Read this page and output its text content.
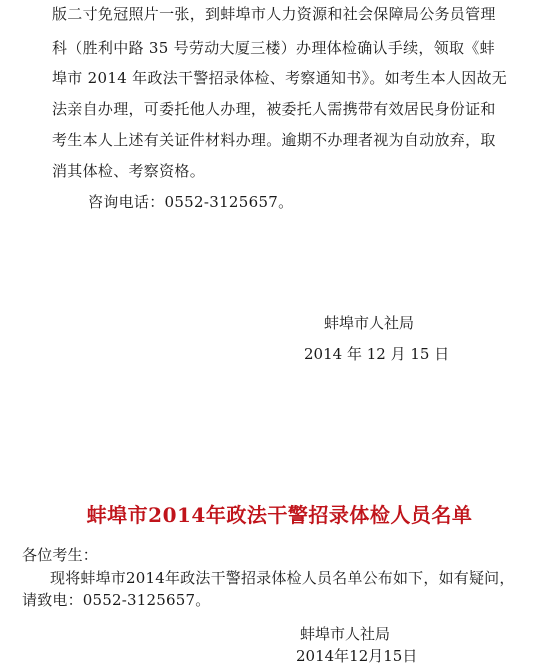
版二寸免冠照片一张，到蚌埠市人力资源和社会保障局公务员管理
科（胜利中路 35 号劳动大厦三楼）办理体检确认手续，领取《蚌
埠市 2014 年政法干警招录体检、考察通知书》。如考生本人因故无
法亲自办理，可委托他人办理，被委托人需携带有效居民身份证和
考生本人上述有关证件材料办理。逾期不办理者视为自动放弃，取
消其体检、考察资格。
咨询电话：0552-3125657。
蚌埠市人社局
2014 年 12 月 15 日
蚌埠市2014年政法干警招录体检人员名单
各位考生：
现将蚌埠市2014年政法干警招录体检人员名单公布如下，如有疑问，
请致电：0552-3125657。
蚌埠市人社局
2014年12月15日
